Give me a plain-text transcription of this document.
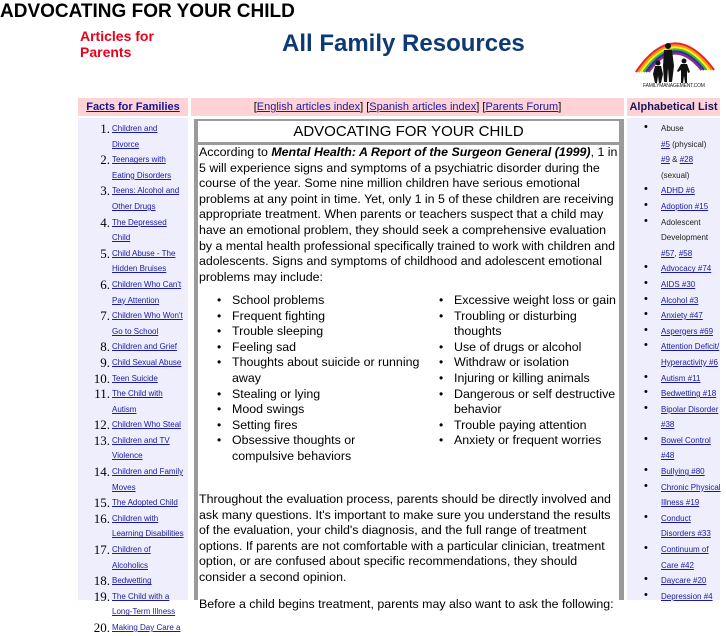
ADVOCATING FOR YOUR CHILD
Articles for Parents	All Family Resources
FAMILYMANAGEMENT.COM
Facts for Families	[English articles index] [Spanish articles index] [Parents Forum]	Alphabetical List
1. Children and Divorce
2. Teenagers with
Eating Disorders
3. Teens: Alcohol and
Other Drugs
4. The Depressed Child
5. Child Abuse - The
Hidden Bruises
6. Children Who Can't
Pay Attention
7. Children Who Won't
Go to School
8. Children and Grief
9. Child Sexual Abuse
10. Teen Suicide
11. The Child with
Autism
12. Children Who Steal
13. Children and TV
Violence
14. Children and Family
Moves
15. The Adopted Child
16. Children with
Learning Disabilities
17. Children of
Alcoholics
18. Bedwetting
19. The Child with a
Long-Term Illness
20. Making Day Care a
• Abuse
#5 (physical)
#9 & #28
(sexual)
• ADHD #6
• Adoption #15
• Adolescent
Development
#57, #58
• Advocacy #74
• AIDS #30
• Alcohol #3
• Anxiety #47
• Aspergers #69
• Attention Deficit/
Hyperactivity #6
• Autism #11
• Bedwetting #18
• Bipolar Disorder
#38
• Bowel Control
#48
• Bullying #80
• Chronic Physical
Illness #19
• Conduct
Disorders #33
• Continuum of
Care #42
• Daycare #20
• Depression #4
ADVOCATING FOR YOUR CHILD

According to Mental Health: A Report of the Surgeon General (1999), 1 in 5 will experience signs and symptoms of a psychiatric disorder during the course of the year. Some nine million children have serious emotional problems at any point in time. Yet, only 1 in 5 of these children are receiving appropriate treatment. When parents or teachers suspect that a child may have an emotional problem, they should seek a comprehensive evaluation by a mental health professional specifically trained to work with children and adolescents. Signs and symptoms of childhood and adolescent emotional problems may include:

• School problems
• Frequent fighting
• Trouble sleeping
• Feeling sad
• Thoughts about suicide or running away
• Stealing or lying
• Mood swings
• Setting fires
• Obsessive thoughts or compulsive behaviors
• Excessive weight loss or gain
• Troubling or disturbing thoughts
• Use of drugs or alcohol
• Withdraw or isolation
• Injuring or killing animals
• Dangerous or self destructive behavior
• Trouble paying attention
• Anxiety or frequent worries

Throughout the evaluation process, parents should be directly involved and ask many questions. It's important to make sure you understand the results of the evaluation, your child's diagnosis, and the full range of treatment options. If parents are not comfortable with a particular clinician, treatment option, or are confused about specific recommendations, they should consider a second opinion.

Before a child begins treatment, parents may also want to ask the following:
